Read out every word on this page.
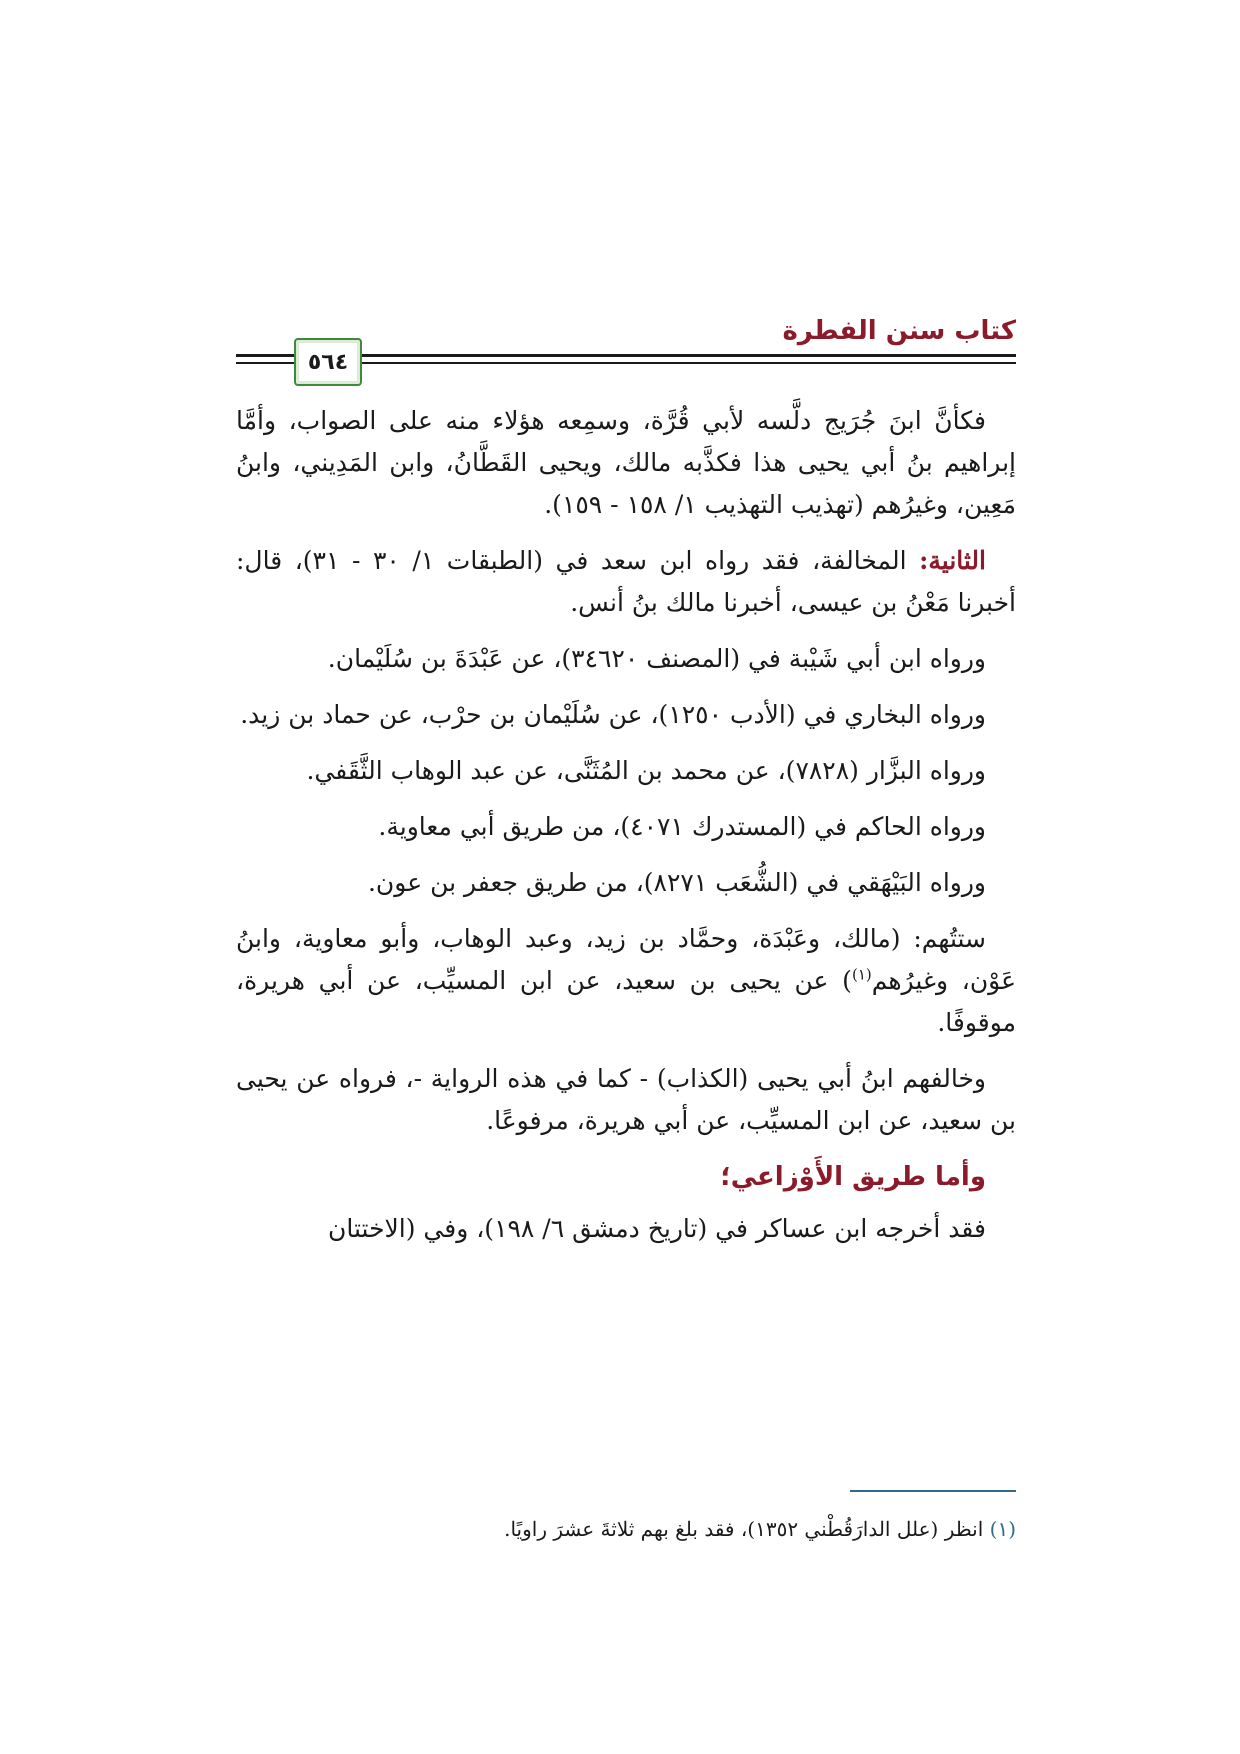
كتاب سنن الفطرة
٥٦٤

فكأنَّ ابنَ جُرَيج دلَّسه لأبي قُرَّة، وسمِعه هؤلاء منه على الصواب، وأمَّا إبراهيم بنُ أبي يحيى هذا فكذَّبه مالك، ويحيى القَطَّانُ، وابن المَدِيني، وابنُ مَعِين، وغيرُهم (تهذيب التهذيب ١/ ١٥٨ - ١٥٩).

الثانية: المخالفة، فقد رواه ابن سعد في (الطبقات ١/ ٣٠ - ٣١)، قال: أخبرنا مَعْنُ بن عيسى، أخبرنا مالك بنُ أنس.

ورواه ابن أبي شَيْبة في (المصنف ٣٤٦٢٠)، عن عَبْدَةَ بن سُلَيْمان.

ورواه البخاري في (الأدب ١٢٥٠)، عن سُلَيْمان بن حرْب، عن حماد بن زيد.

ورواه البزَّار (٧٨٢٨)، عن محمد بن المُثَنَّى، عن عبد الوهاب الثَّقَفي.

ورواه الحاكم في (المستدرك ٤٠٧١)، من طريق أبي معاوية.

ورواه البَيْهَقي في (الشُّعَب ٨٢٧١)، من طريق جعفر بن عون.

ستتُهم: (مالك، وعَبْدَة، وحمَّاد بن زيد، وعبد الوهاب، وأبو معاوية، وابنُ عَوْن، وغيرُهم$^{(١)}$) عن يحيى بن سعيد، عن ابن المسيِّب، عن أبي هريرة، موقوفًا.

وخالفهم ابنُ أبي يحيى (الكذاب) - كما في هذه الرواية -، فرواه عن يحيى بن سعيد، عن ابن المسيِّب، عن أبي هريرة، مرفوعًا.

وأما طريق الأَوْزاعي؛

فقد أخرجه ابن عساكر في (تاريخ دمشق ٦/ ١٩٨)، وفي (الاختتان

(١) انظر (علل الدارَقُطْني ١٣٥٢)، فقد بلغ بهم ثلاثةَ عشرَ راويًا.
